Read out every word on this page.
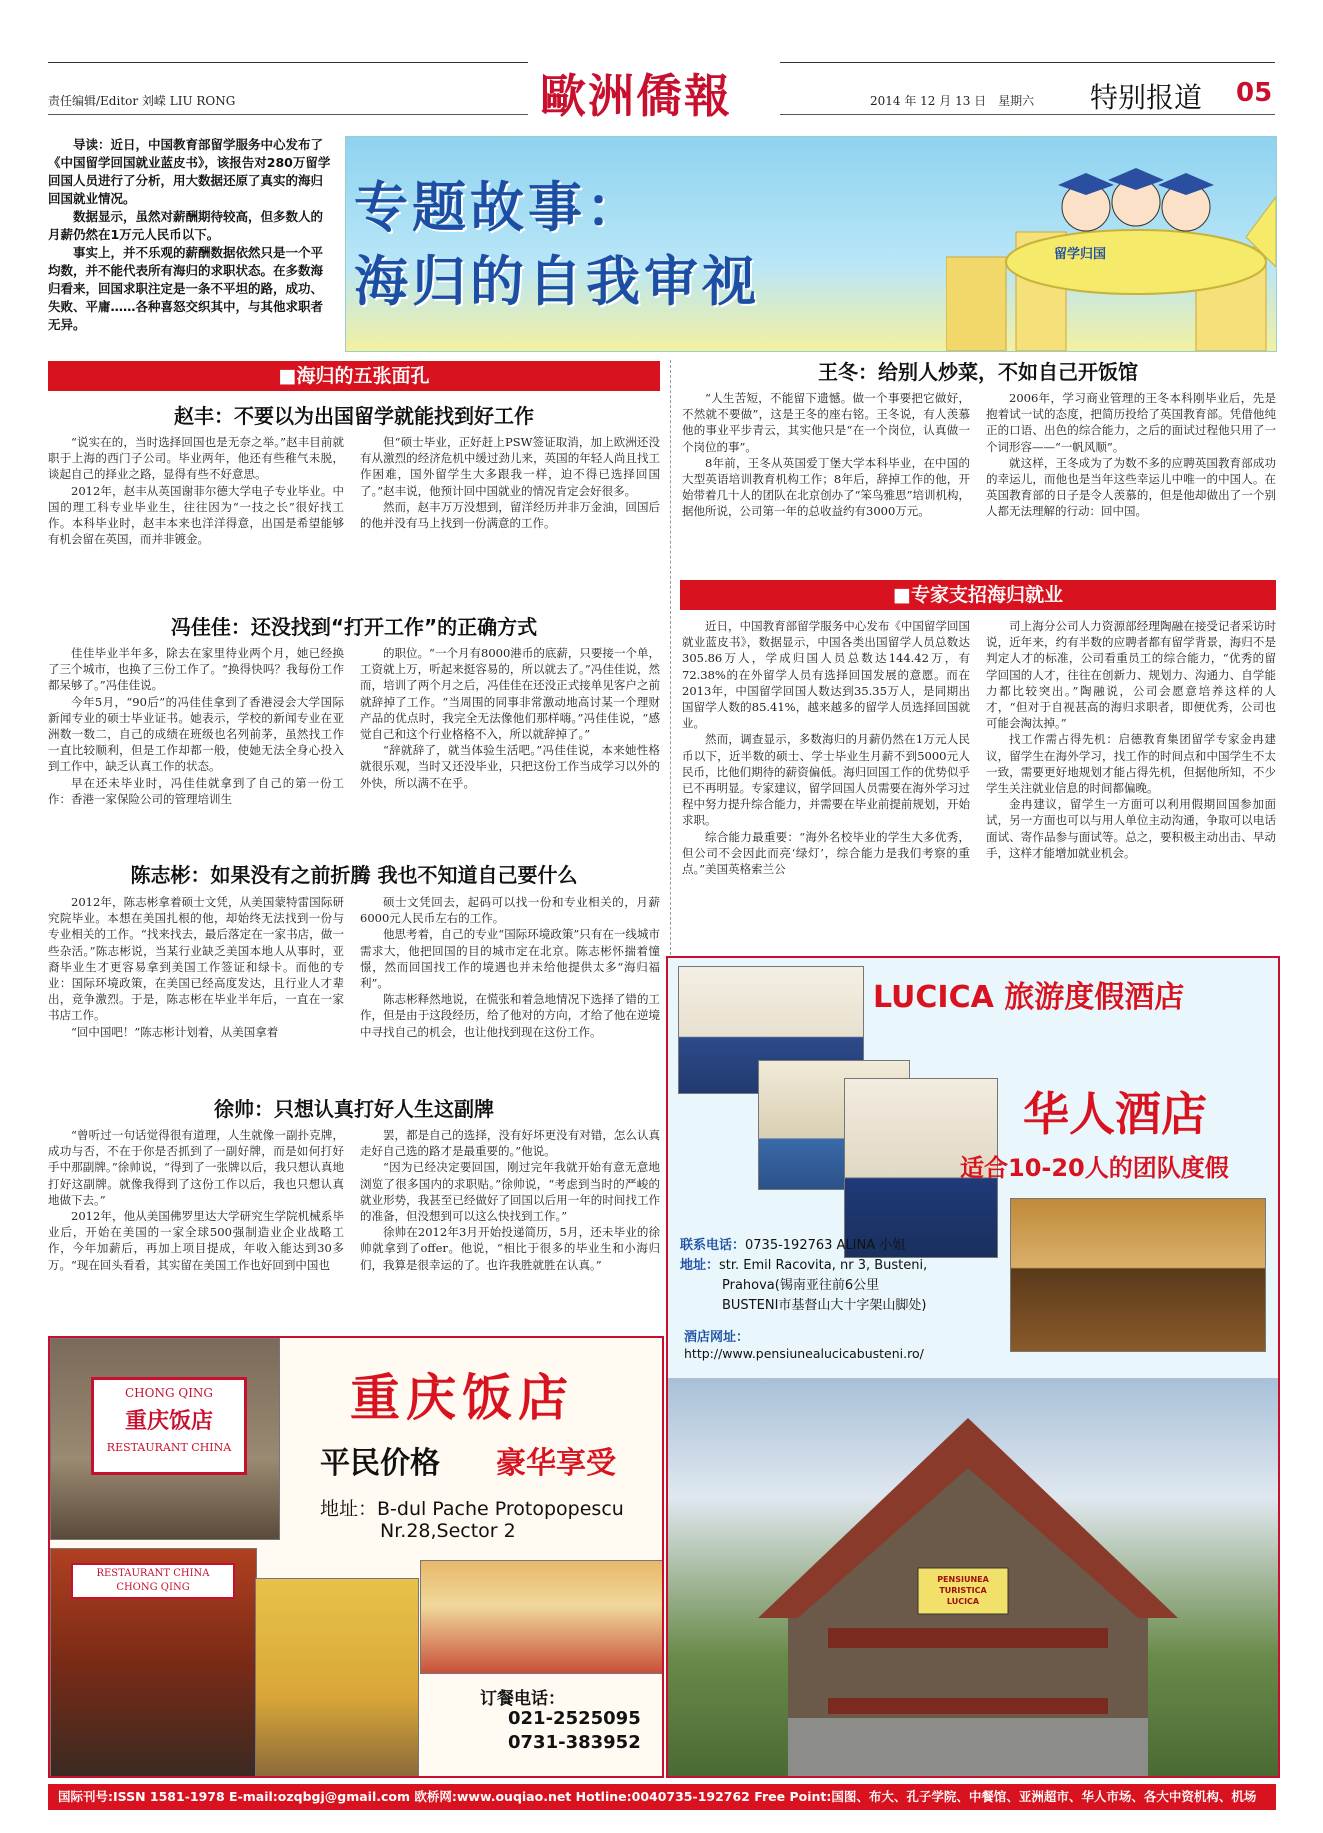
责任编辑/Editor 刘嵘 LIU RONG	歐洲僑報	2014 年 12 月 13 日　星期六 特别报道 05

导读：近日，中国教育部留学服务中心发布了《中国留学回国就业蓝皮书》，该报告对280万留学回国人员进行了分析，用大数据还原了真实的海归回国就业情况。

数据显示，虽然对薪酬期待较高，但多数人的月薪仍然在1万元人民币以下。

事实上，并不乐观的薪酬数据依然只是一个平均数，并不能代表所有海归的求职状态。在多数海归看来，回国求职注定是一条不平坦的路，成功、失败、平庸……各种喜怒交织其中，与其他求职者无异。

留学归国
专题故事：
海归的自我审视
■海归的五张面孔
赵丰：不要以为出国留学就能找到好工作

“说实在的，当时选择回国也是无奈之举。”赵丰目前就职于上海的西门子公司。毕业两年，他还有些稚气未脱，谈起自己的择业之路，显得有些不好意思。

2012年，赵丰从英国谢菲尔德大学电子专业毕业。中国的理工科专业毕业生，往往因为“一技之长”很好找工作。本科毕业时，赵丰本来也洋洋得意，出国是希望能够有机会留在英国，而并非镀金。

但“硕士毕业，正好赶上PSW签证取消，加上欧洲还没有从激烈的经济危机中缓过劲儿来，英国的年轻人尚且找工作困难，国外留学生大多跟我一样，迫不得已选择回国了。”赵丰说，他预计回中国就业的情况肯定会好很多。

然而，赵丰万万没想到，留洋经历并非万金油，回国后的他并没有马上找到一份满意的工作。

冯佳佳：还没找到“打开工作”的正确方式

佳佳毕业半年多，除去在家里待业两个月，她已经换了三个城市，也换了三份工作了。“换得快吗？我每份工作都呆够了。”冯佳佳说。

今年5月，“90后”的冯佳佳拿到了香港浸会大学国际新闻专业的硕士毕业证书。她表示，学校的新闻专业在亚洲数一数二，自己的成绩在班级也名列前茅，虽然找工作一直比较顺利，但是工作却都一般，使她无法全身心投入到工作中，缺乏认真工作的状态。

早在还未毕业时，冯佳佳就拿到了自己的第一份工作：香港一家保险公司的管理培训生

的职位。“一个月有8000港币的底薪，只要接一个单，工资就上万，听起来挺容易的，所以就去了。”冯佳佳说，然而，培训了两个月之后，冯佳佳在还没正式接单见客户之前就辞掉了工作。“当周围的同事非常激动地高讨某一个理财产品的优点时，我完全无法像他们那样嗨。”冯佳佳说，“感觉自己和这个行业格格不入，所以就辞掉了。”

“辞就辞了，就当体验生活吧。”冯佳佳说，本来她性格就很乐观，当时又还没毕业，只把这份工作当成学习以外的外快，所以满不在乎。

陈志彬：如果没有之前折腾 我也不知道自己要什么

2012年，陈志彬拿着硕士文凭，从美国蒙特雷国际研究院毕业。本想在美国扎根的他，却始终无法找到一份与专业相关的工作。“找来找去，最后落定在一家书店，做一些杂活。”陈志彬说，当某行业缺乏美国本地人从事时，亚裔毕业生才更容易拿到美国工作签证和绿卡。而他的专业：国际环境政策，在美国已经高度发达，且行业人才辈出，竞争激烈。于是，陈志彬在毕业半年后，一直在一家书店工作。

“回中国吧！”陈志彬计划着，从美国拿着

硕士文凭回去，起码可以找一份和专业相关的，月薪6000元人民币左右的工作。

他思考着，自己的专业“国际环境政策”只有在一线城市需求大，他把回国的目的城市定在北京。陈志彬怀揣着憧憬，然而回国找工作的境遇也并未给他提供太多“海归福利”。

陈志彬释然地说，在慌张和着急地情况下选择了错的工作，但是由于这段经历，给了他对的方向，才给了他在逆境中寻找自己的机会，也让他找到现在这份工作。

徐帅：只想认真打好人生这副牌

“曾听过一句话觉得很有道理，人生就像一副扑克牌，成功与否，不在于你是否抓到了一副好牌，而是如何打好手中那副牌。”徐帅说，“得到了一张牌以后，我只想认真地打好这副牌。就像我得到了这份工作以后，我也只想认真地做下去。”

2012年，他从美国佛罗里达大学研究生学院机械系毕业后，开始在美国的一家全球500强制造业企业战略工作，今年加薪后，再加上项目提成，年收入能达到30多万。“现在回头看看，其实留在美国工作也好回到中国也

罢，都是自己的选择，没有好坏更没有对错，怎么认真走好自己选的路才是最重要的。”他说。

“因为已经决定要回国，刚过完年我就开始有意无意地浏览了很多国内的求职贴。”徐帅说，“考虑到当时的严峻的就业形势，我甚至已经做好了回国以后用一年的时间找工作的准备，但没想到可以这么快找到工作。”

徐帅在2012年3月开始投递简历，5月，还未毕业的徐帅就拿到了offer。他说，“相比于很多的毕业生和小海归们，我算是很幸运的了。也许我胜就胜在认真。”

王冬：给别人炒菜，不如自己开饭馆

“人生苦短，不能留下遗憾。做一个事要把它做好，不然就不要做”，这是王冬的座右铭。王冬说，有人羡慕他的事业平步青云，其实他只是“在一个岗位，认真做一个岗位的事”。

8年前，王冬从英国爱丁堡大学本科毕业，在中国的大型英语培训教育机构工作；8年后，辞掉工作的他，开始带着几十人的团队在北京创办了“笨鸟雅思”培训机构，据他所说，公司第一年的总收益约有3000万元。

2006年，学习商业管理的王冬本科刚毕业后，先是抱着试一试的态度，把简历投给了英国教育部。凭借他纯正的口语、出色的综合能力，之后的面试过程他只用了一个词形容——“一帆风顺”。

就这样，王冬成为了为数不多的应聘英国教育部成功的幸运儿，而他也是当年这些幸运儿中唯一的中国人。在英国教育部的日子是令人羡慕的，但是他却做出了一个别人都无法理解的行动：回中国。

■专家支招海归就业

近日，中国教育部留学服务中心发布《中国留学回国就业蓝皮书》，数据显示，中国各类出国留学人员总数达305.86万人，学成归国人员总数达144.42万，有72.38%的在外留学人员有选择回国发展的意愿。而在2013年，中国留学回国人数达到35.35万人，是同期出国留学人数的85.41%，越来越多的留学人员选择回国就业。

然而，调查显示，多数海归的月薪仍然在1万元人民币以下，近半数的硕士、学士毕业生月薪不到5000元人民币，比他们期待的薪资偏低。海归回国工作的优势似乎已不再明显。专家建议，留学回国人员需要在海外学习过程中努力提升综合能力，并需要在毕业前提前规划，开始求职。

综合能力最重要：“海外名校毕业的学生大多优秀，但公司不会因此而亮‘绿灯’，综合能力是我们考察的重点。”美国英格索兰公

司上海分公司人力资源部经理陶融在接受记者采访时说，近年来，约有半数的应聘者都有留学背景，海归不是判定人才的标准，公司看重员工的综合能力，“优秀的留学回国的人才，往往在创新力、规划力、沟通力、自学能力都比较突出。”陶融说，公司会愿意培养这样的人才，“但对于自视甚高的海归求职者，即便优秀，公司也可能会淘汰掉。”

找工作需占得先机：启德教育集团留学专家金冉建议，留学生在海外学习，找工作的时间点和中国学生不太一致，需要更好地规划才能占得先机，但据他所知，不少学生关注就业信息的时间都偏晚。

金冉建议，留学生一方面可以利用假期回国参加面试，另一方面也可以与用人单位主动沟通，争取可以电话面试、寄作品参与面试等。总之，要积极主动出击、早动手，这样才能增加就业机会。

LUCICA 旅游度假酒店
华人酒店
适合10-20人的团队度假
联系电话：0735-192763 ALINA 小姐
地址：str. Emil Racovita, nr 3, Busteni,
Prahova(锡南亚往前6公里
BUSTENI市基督山大十字架山脚处)
酒店网址：
http://www.pensiunealucicabusteni.ro/
PENSIUNEA TURISTICA LUCICA
CHONG QING
重庆饭店
RESTAURANT CHINA
重庆饭店
平民价格 豪华享受
地址：B-dul Pache Protopopescu
Nr.28,Sector 2
RESTAURANT CHINA
CHONG QING
订餐电话：
021-2525095
0731-383952
国际刊号:ISSN 1581-1978 E-mail:ozqbgj@gmail.com 欧桥网:www.ouqiao.net Hotline:0040735-192762 Free Point:国图、布大、孔子学院、中餐馆、亚洲超市、华人市场、各大中资机构、机场
